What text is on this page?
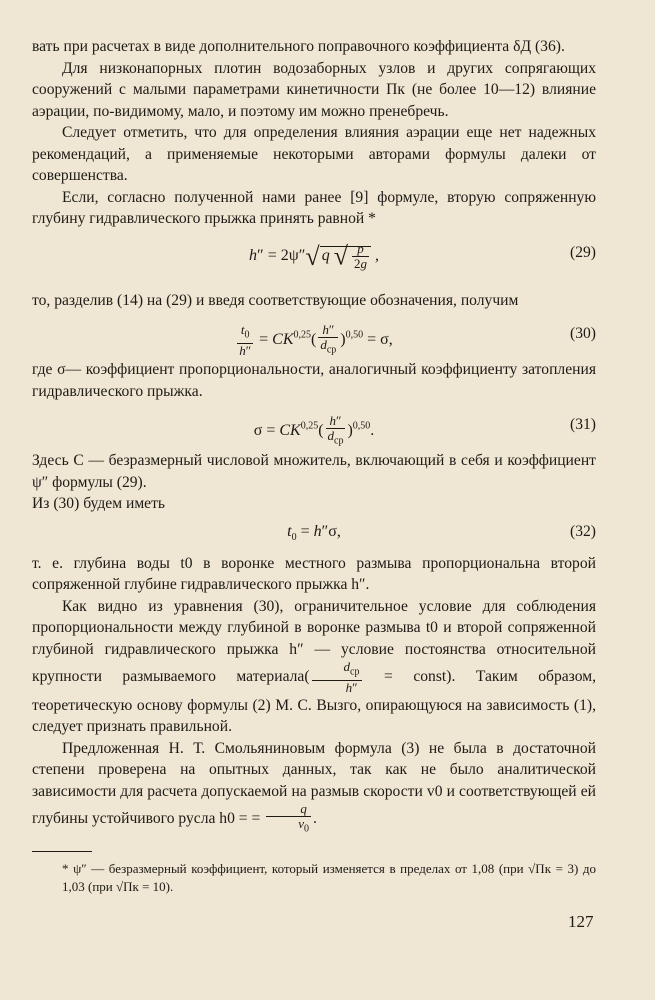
вать при расчетах в виде дополнительного поправочного коэффициента δД (36).

Для низконапорных плотин водозаборных узлов и других сопрягающих сооружений с малыми параметрами кинетичности Пк (не более 10—12) влияние аэрации, по-видимому, мало, и поэтому им можно пренебречь.

Следует отметить, что для определения влияния аэрации еще нет надежных рекомендаций, а применяемые некоторыми авторами формулы далеки от совершенства.

Если, согласно полученной нами ранее [9] формуле, вторую сопряженную глубину гидравлического прыжка принять равной *

h″ = 2ψ″√ q √ $\frac{p}{2g}$ ,	(29)

то, разделив (14) на (29) и введя соответствующие обозначения, получим

$\frac{t_0}{h''} = CK^{0,25}( \frac{h''}{d_{ср}} )^{0,50} = \sigma$,	(30)

где σ— коэффициент пропорциональности, аналогичный коэффициенту затопления гидравлического прыжка.

$\sigma = CK^{0,25}( \frac{h''}{d_{ср}} )^{0,50}$.	(31)

Здесь C — безразмерный числовой множитель, включающий в себя и коэффициент ψ″ формулы (29).

Из (30) будем иметь

$t_0 = h''\sigma$,	(32)

т. е. глубина воды t0 в воронке местного размыва пропорциональна второй сопряженной глубине гидравлического прыжка h″.

Как видно из уравнения (30), ограничительное условие для соблюдения пропорциональности между глубиной в воронке размыва t0 и второй сопряженной глубиной гидравлического прыжка h″ — условие постоянства относительной крупности размываемого материала( $\frac{d_{ср}}{h''}$ = const). Таким образом, теоретическую основу формулы (2) М. С. Вызго, опирающуюся на зависимость (1), следует признать правильной.

Предложенная Н. Т. Смольяниновым формула (3) не была в достаточной степени проверена на опытных данных, так как не было аналитической зависимости для расчета допускаемой на размыв скорости v0 и соответствующей ей глубины устойчивого русла h0 = = $\frac{q}{v_0}$ .

* ψ″ — безразмерный коэффициент, который изменяется в пределах от 1,08 (при √Пк = 3) до 1,03 (при √Пк = 10).

127
